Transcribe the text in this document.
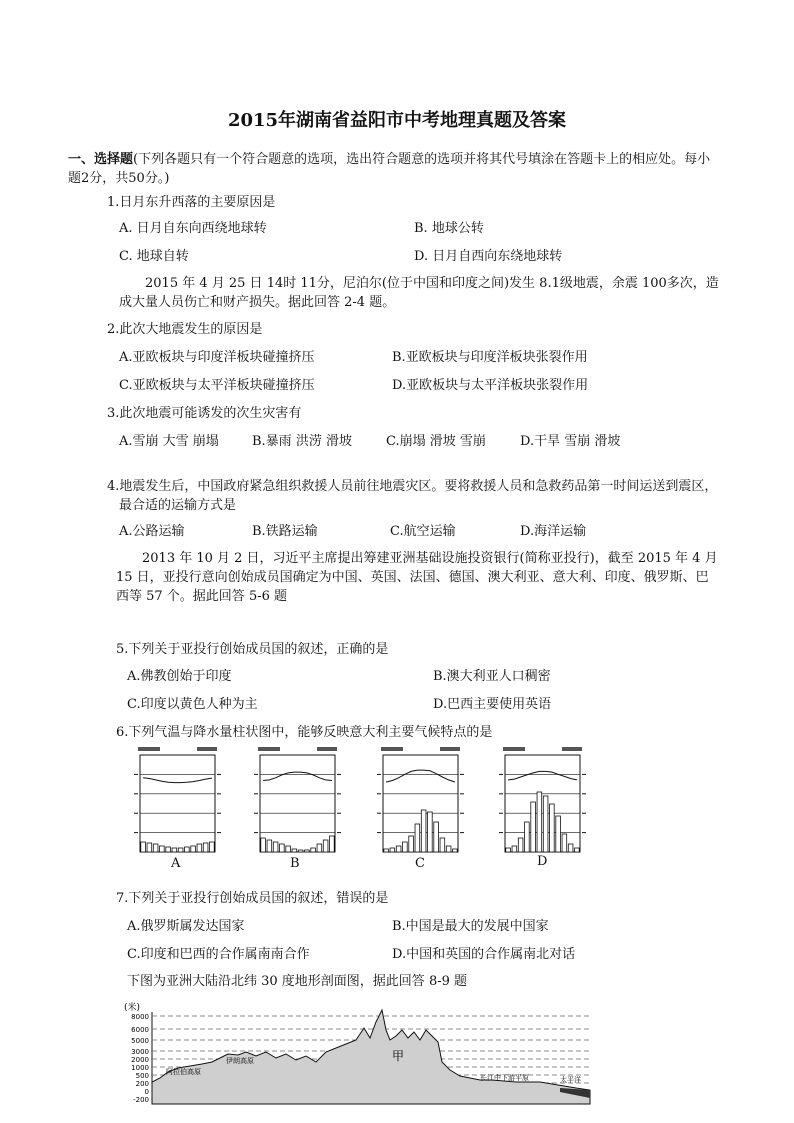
2015年湖南省益阳市中考地理真题及答案
一、选择题(下列各题只有一个符合题意的选项，选出符合题意的选项并将其代号填涂在答题卡上的相应处。每小题2分，共50分。)
1.日月东升西落的主要原因是
A. 日月自东向西绕地球转	B. 地球公转
C. 地球自转	D. 日月自西向东绕地球转
2015 年 4 月 25 日 14时 11分，尼泊尔(位于中国和印度之间)发生 8.1级地震，余震 100多次，造成大量人员伤亡和财产损失。据此回答 2-4 题。
2.此次大地震发生的原因是
A.亚欧板块与印度洋板块碰撞挤压	B.亚欧板块与印度洋板块张裂作用
C.亚欧板块与太平洋板块碰撞挤压	D.亚欧板块与太平洋板块张裂作用
3.此次地震可能诱发的次生灾害有
A.雪崩 大雪 崩塌	B.暴雨 洪涝 滑坡	C.崩塌 滑坡 雪崩	D.干旱 雪崩 滑坡
4.地震发生后，中国政府紧急组织救援人员前往地震灾区。要将救援人员和急救药品第一时间运送到震区，最合适的运输方式是
A.公路运输	B.铁路运输	C.航空运输	D.海洋运输
2013 年 10 月 2 日，习近平主席提出筹建亚洲基础设施投资银行(简称亚投行)，截至 2015 年 4 月 15 日，亚投行意向创始成员国确定为中国、英国、法国、德国、澳大利亚、意大利、印度、俄罗斯、巴西等 57 个。据此回答 5-6 题
5.下列关于亚投行创始成员国的叙述，正确的是
A.佛教创始于印度	B.澳大利亚人口稠密
C.印度以黄色人种为主	D.巴西主要使用英语
6.下列气温与降水量柱状图中，能够反映意大利主要气候特点的是
A	B	C	D
7.下列关于亚投行创始成员国的叙述，错误的是
A.俄罗斯属发达国家	B.中国是最大的发展中国家
C.印度和巴西的合作属南南合作	D.中国和英国的合作属南北对话
下图为亚洲大陆沿北纬 30 度地形剖面图，据此回答 8-9 题
(米)
8000
6000
5000
3000
2000
1000
500
200
0
-200
阿拉伯高原
伊朗高原	甲
长江中下游平原	太平洋
